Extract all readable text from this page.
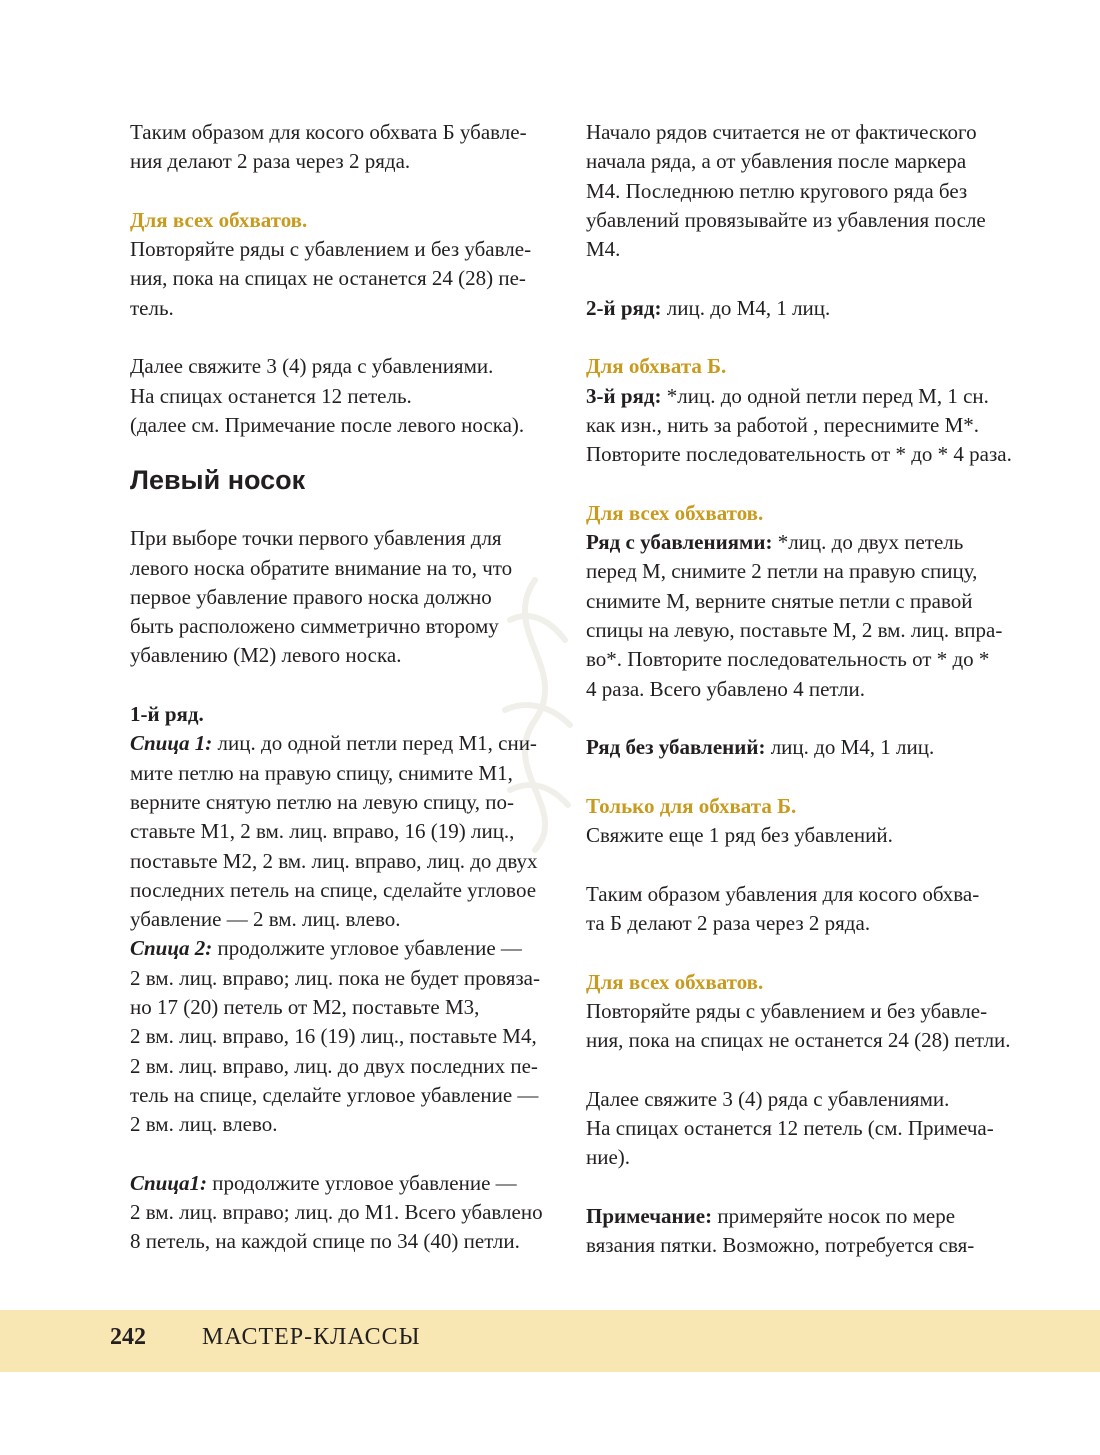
Таким образом для косого обхвата Б убавле-
ния делают 2 раза через 2 ряда.

Для всех обхватов.

Повторяйте ряды с убавлением и без убавле-
ния, пока на спицах не останется 24 (28) пе-
тель.

Далее свяжите 3 (4) ряда с убавлениями.
На спицах останется 12 петель.
(далее см. Примечание после левого носка).

Левый носок

При выборе точки первого убавления для
левого носка обратите внимание на то, что
первое убавление правого носка должно
быть расположено симметрично второму
убавлению (М2) левого носка.

1-й ряд.

Спица 1: лиц. до одной петли перед М1, сни-
мите петлю на правую спицу, снимите М1,
верните снятую петлю на левую спицу, по-
ставьте М1, 2 вм. лиц. вправо, 16 (19) лиц.,
поставьте М2, 2 вм. лиц. вправо, лиц. до двух
последних петель на спице, сделайте угловое
убавление — 2 вм. лиц. влево.

Спица 2: продолжите угловое убавление —
2 вм. лиц. вправо; лиц. пока не будет провяза-
но 17 (20) петель от М2, поставьте М3,
2 вм. лиц. вправо, 16 (19) лиц., поставьте М4,
2 вм. лиц. вправо, лиц. до двух последних пе-
тель на спице, сделайте угловое убавление —
2 вм. лиц. влево.

Спица1: продолжите угловое убавление —
2 вм. лиц. вправо; лиц. до М1. Всего убавлено
8 петель, на каждой спице по 34 (40) петли.

Начало рядов считается не от фактического
начала ряда, а от убавления после маркера
М4. Последнюю петлю кругового ряда без
убавлений провязывайте из убавления после
М4.

2-й ряд: лиц. до М4, 1 лиц.

Для обхвата Б.

3-й ряд: *лиц. до одной петли перед М, 1 сн.
как изн., нить за работой , переснимите М*.
Повторите последовательность от * до * 4 раза.

Для всех обхватов.

Ряд с убавлениями: *лиц. до двух петель
перед М, снимите 2 петли на правую спицу,
снимите М, верните снятые петли с правой
спицы на левую, поставьте М, 2 вм. лиц. впра-
во*. Повторите последовательность от * до *
4 раза. Всего убавлено 4 петли.

Ряд без убавлений: лиц. до М4, 1 лиц.

Только для обхвата Б.

Свяжите еще 1 ряд без убавлений.

Таким образом убавления для косого обхва-
та Б делают 2 раза через 2 ряда.

Для всех обхватов.

Повторяйте ряды с убавлением и без убавле-
ния, пока на спицах не останется 24 (28) петли.

Далее свяжите 3 (4) ряда с убавлениями.
На спицах останется 12 петель (см. Примеча-
ние).

Примечание: примеряйте носок по мере
вязания пятки. Возможно, потребуется свя-

242 МАСТЕР-КЛАССЫ
